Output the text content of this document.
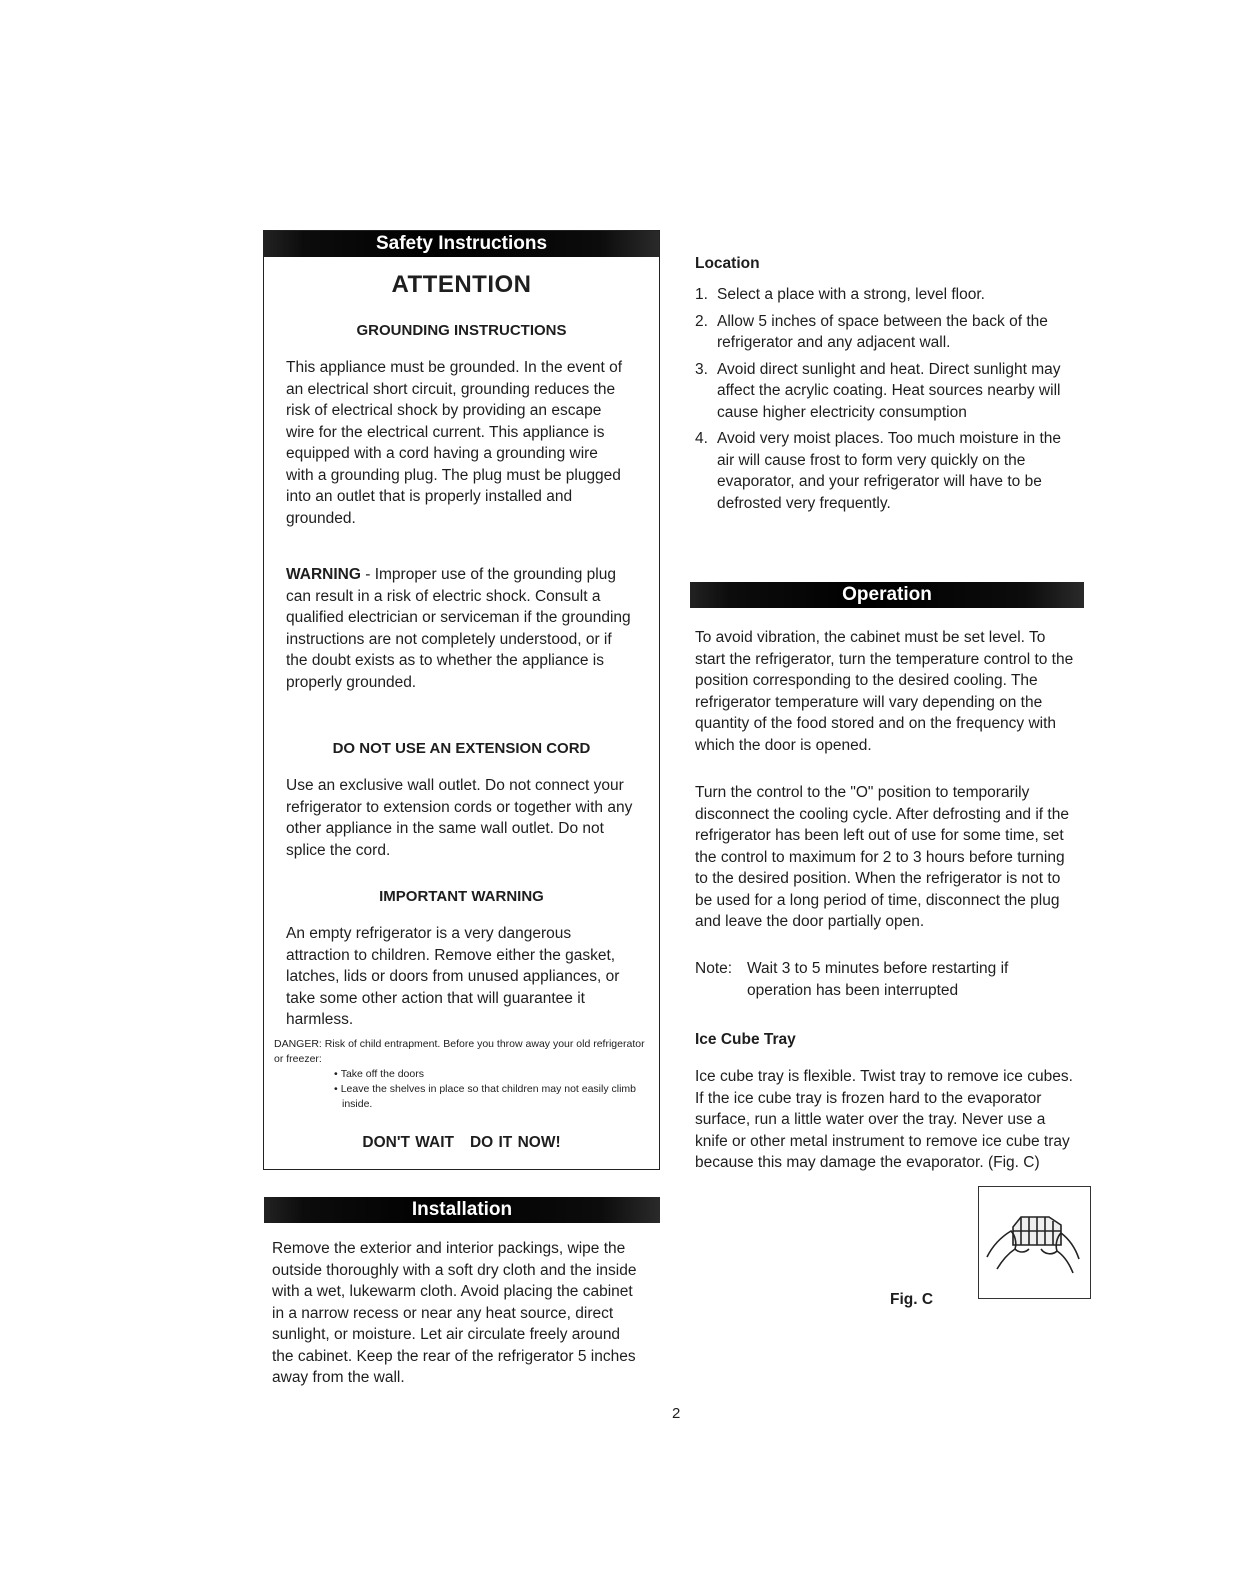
Safety Instructions
ATTENTION
GROUNDING INSTRUCTIONS
This appliance must be grounded. In the event of an electrical short circuit, grounding reduces the risk of electrical shock by providing an escape wire for the electrical current. This appliance is equipped with a cord having a grounding wire with a grounding plug. The plug must be plugged into an outlet that is properly installed and grounded.
WARNING - Improper use of the grounding plug can result in a risk of electric shock. Consult a qualified electrician or serviceman if the grounding instructions are not completely understood, or if the doubt exists as to whether the appliance is properly grounded.
DO NOT USE AN EXTENSION CORD
Use an exclusive wall outlet. Do not connect your refrigerator to extension cords or together with any other appliance in the same wall outlet. Do not splice the cord.
IMPORTANT WARNING
An empty refrigerator is a very dangerous attraction to children. Remove either the gasket, latches, lids or doors from unused appliances, or take some other action that will guarantee it harmless.
DANGER: Risk of child entrapment. Before you throw away your old refrigerator or freezer:
• Take off the doors
• Leave the shelves in place so that children may not easily climb inside.
DON'T WAIT   DO IT NOW!
Installation
Remove the exterior and interior packings, wipe the outside thoroughly with a soft dry cloth and the inside with a wet, lukewarm cloth. Avoid placing the cabinet in a narrow recess or near any heat source, direct sunlight, or moisture. Let air circulate freely around the cabinet. Keep the rear of the refrigerator 5 inches away from the wall.
Location
1. Select a place with a strong, level floor.
2. Allow 5 inches of space between the back of the refrigerator and any adjacent wall.
3. Avoid direct sunlight and heat. Direct sunlight may affect the acrylic coating. Heat sources nearby will cause higher electricity consumption
4. Avoid very moist places. Too much moisture in the air will cause frost to form very quickly on the evaporator, and your refrigerator will have to be defrosted very frequently.
Operation
To avoid vibration, the cabinet must be set level. To start the refrigerator, turn the temperature control to the position corresponding to the desired cooling. The refrigerator temperature will vary depending on the quantity of the food stored and on the frequency with which the door is opened.
Turn the control to the "O" position to temporarily disconnect the cooling cycle. After defrosting and if the refrigerator has been left out of use for some time, set the control to maximum for 2 to 3 hours before turning to the desired position. When the refrigerator is not to be used for a long period of time, disconnect the plug and leave the door partially open.
Note: Wait 3 to 5 minutes before restarting if operation has been interrupted
Ice Cube Tray
Ice cube tray is flexible. Twist tray to remove ice cubes. If the ice cube tray is frozen hard to the evaporator surface, run a little water over the tray. Never use a knife or other metal instrument to remove ice cube tray because this may damage the evaporator. (Fig. C)
Fig. C
2
